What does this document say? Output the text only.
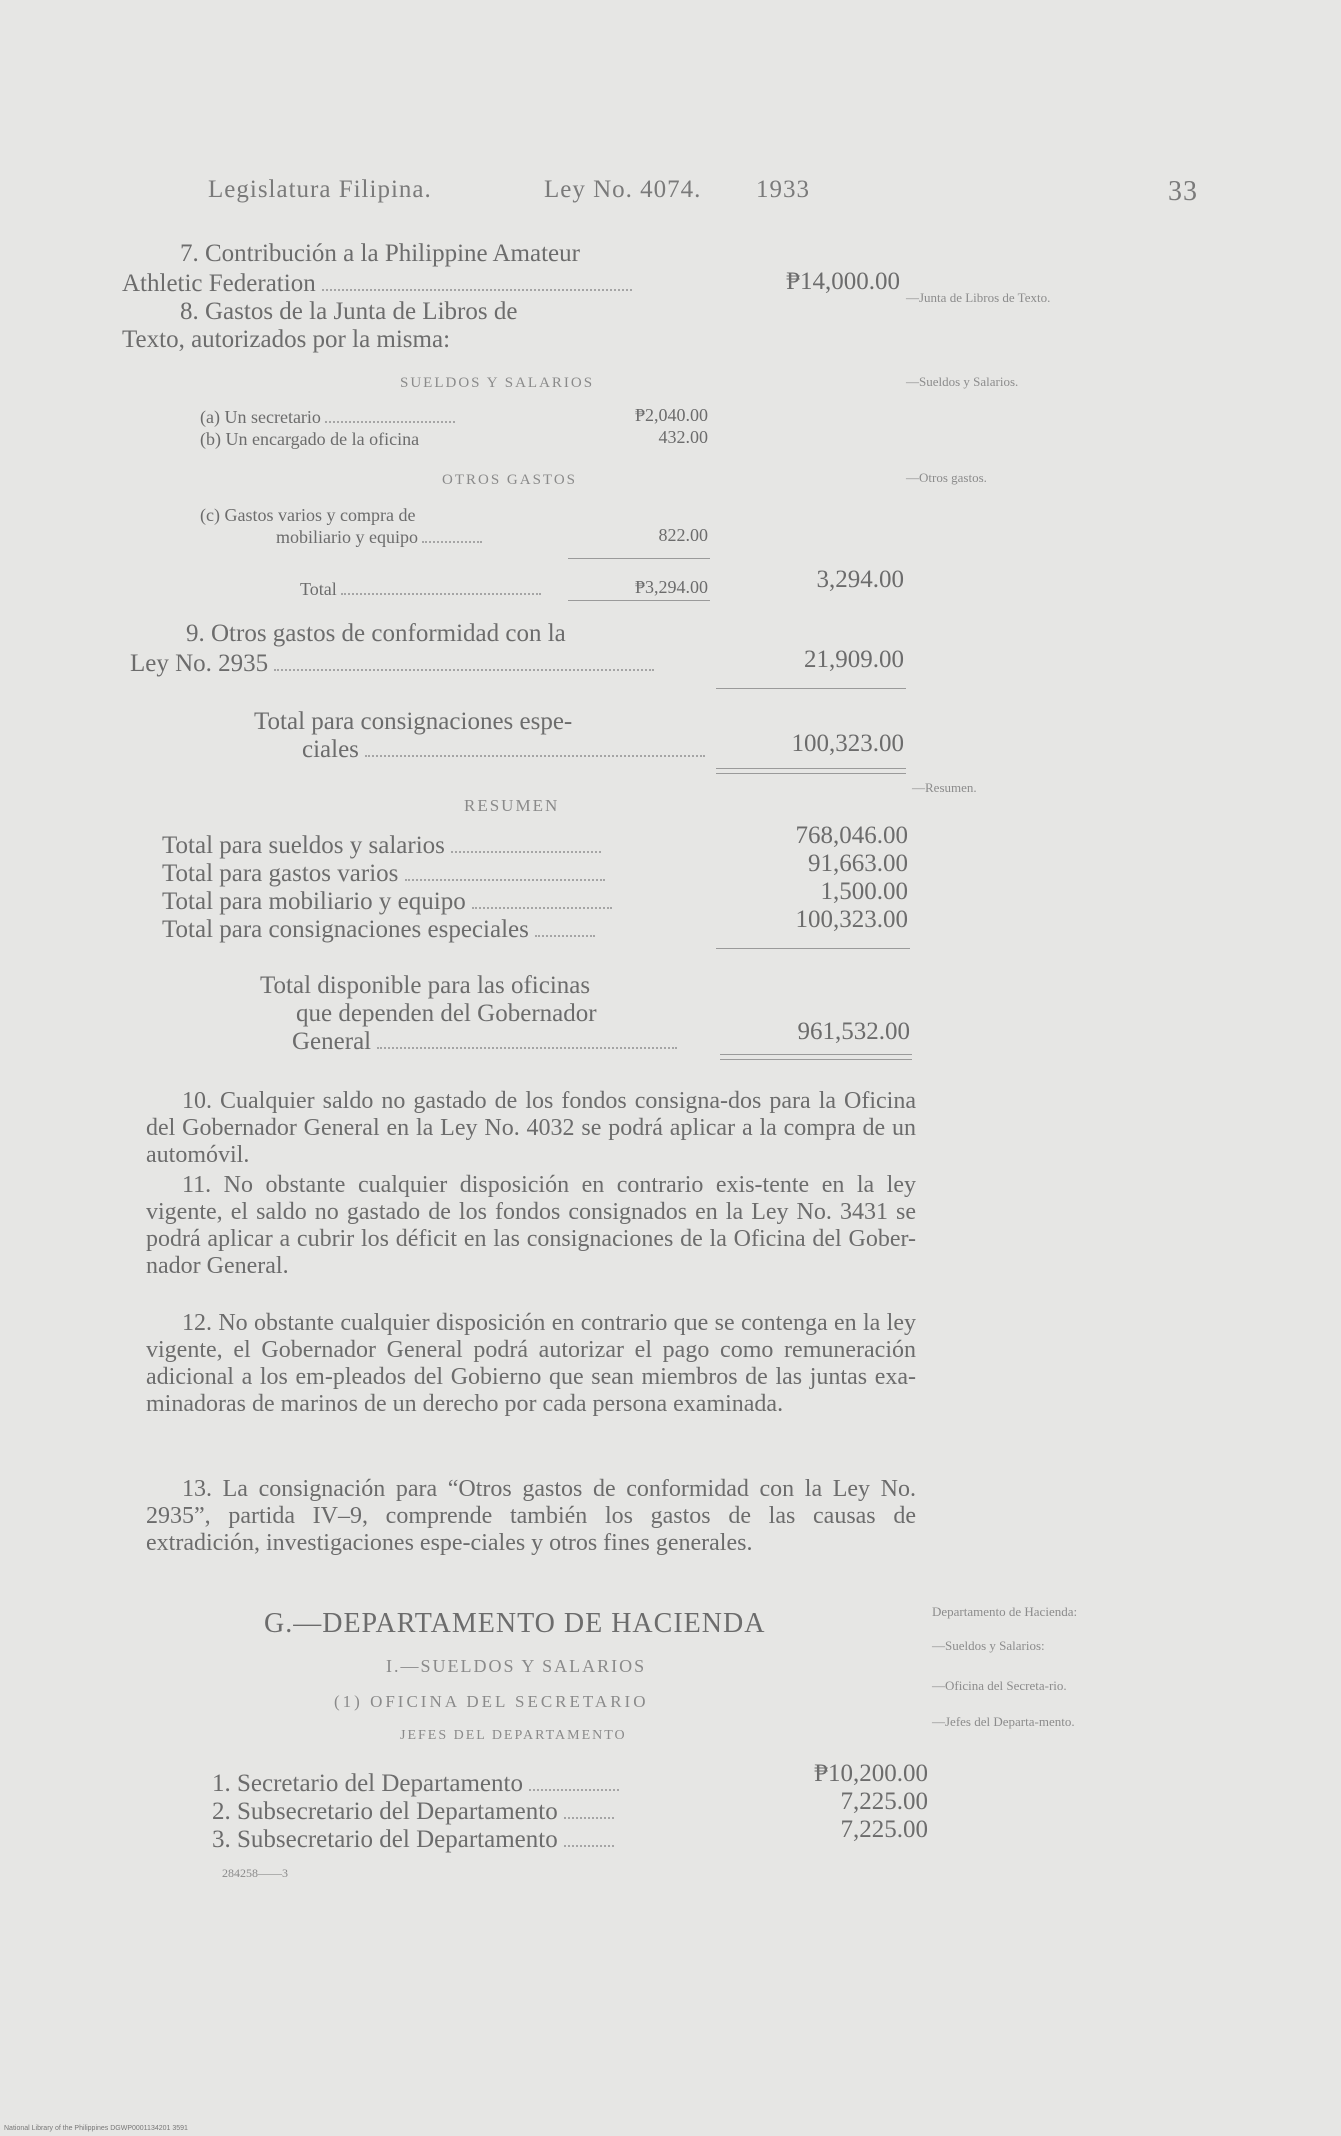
Legislatura Filipina.	Ley No. 4074. 1933	33
7. Contribución a la Philippine Amateur
Athletic Federation	₱14,000.00
8. Gastos de la Junta de Libros de
Texto, autorizados por la misma:
SUELDOS Y SALARIOS
(a) Un secretario	₱2,040.00
(b) Un encargado de la oficina	432.00
OTROS GASTOS
(c) Gastos varios y compra de
mobiliario y equipo	822.00
Total	₱3,294.00	3,294.00
9. Otros gastos de conformidad con la
Ley No. 2935	21,909.00
Total para consignaciones espe-
ciales	100,323.00
RESUMEN
Total para sueldos y salarios	768,046.00
Total para gastos varios	91,663.00
Total para mobiliario y equipo	1,500.00
Total para consignaciones especiales	100,323.00
Total disponible para las oficinas
que dependen del Gobernador
General	961,532.00
10. Cualquier saldo no gastado de los fondos consigna-dos para la Oficina del Gobernador General en la Ley No. 4032 se podrá aplicar a la compra de un automóvil.
11. No obstante cualquier disposición en contrario exis-tente en la ley vigente, el saldo no gastado de los fondos consignados en la Ley No. 3431 se podrá aplicar a cubrir los déficit en las consignaciones de la Oficina del Gober-nador General.
12. No obstante cualquier disposición en contrario que se contenga en la ley vigente, el Gobernador General podrá autorizar el pago como remuneración adicional a los em-pleados del Gobierno que sean miembros de las juntas exa-minadoras de marinos de un derecho por cada persona examinada.
13. La consignación para “Otros gastos de conformidad con la Ley No. 2935”, partida IV–9, comprende también los gastos de las causas de extradición, investigaciones espe-ciales y otros fines generales.
G.—DEPARTAMENTO DE HACIENDA
I.—SUELDOS Y SALARIOS
(1) OFICINA DEL SECRETARIO
JEFES DEL DEPARTAMENTO
1. Secretario del Departamento	₱10,200.00
2. Subsecretario del Departamento	7,225.00
3. Subsecretario del Departamento	7,225.00
284258——3
—Junta de Libros de Texto.
—Sueldos y Salarios.
—Otros gastos.
—Resumen.
Departamento de Hacienda:
—Sueldos y Salarios:
—Oficina del Secreta-rio.
—Jefes del Departa-mento.
National Library of the Philippines DGWP0001134201 3591
